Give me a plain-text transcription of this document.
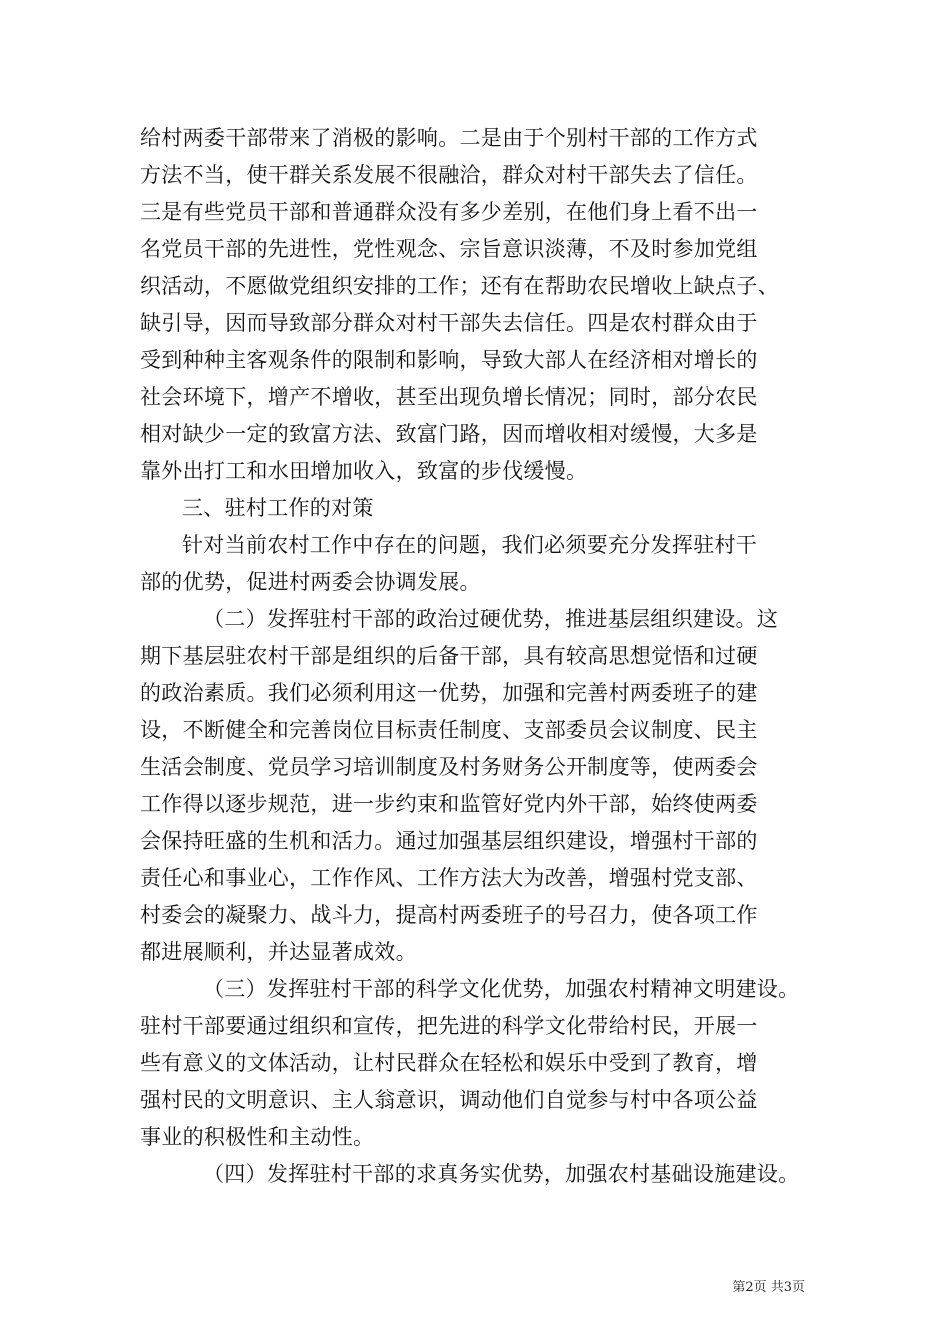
给村两委干部带来了消极的影响。二是由于个别村干部的工作方式
方法不当，使干群关系发展不很融洽，群众对村干部失去了信任。
三是有些党员干部和普通群众没有多少差别，在他们身上看不出一
名党员干部的先进性，党性观念、宗旨意识淡薄，不及时参加党组
织活动，不愿做党组织安排的工作；还有在帮助农民增收上缺点子、
缺引导，因而导致部分群众对村干部失去信任。四是农村群众由于
受到种种主客观条件的限制和影响，导致大部人在经济相对增长的
社会环境下，增产不增收，甚至出现负增长情况；同时，部分农民
相对缺少一定的致富方法、致富门路，因而增收相对缓慢，大多是
靠外出打工和水田增加收入，致富的步伐缓慢。
三、驻村工作的对策
针对当前农村工作中存在的问题，我们必须要充分发挥驻村干
部的优势，促进村两委会协调发展。
（二）发挥驻村干部的政治过硬优势，推进基层组织建设。这
期下基层驻农村干部是组织的后备干部，具有较高思想觉悟和过硬
的政治素质。我们必须利用这一优势，加强和完善村两委班子的建
设，不断健全和完善岗位目标责任制度、支部委员会议制度、民主
生活会制度、党员学习培训制度及村务财务公开制度等，使两委会
工作得以逐步规范，进一步约束和监管好党内外干部，始终使两委
会保持旺盛的生机和活力。通过加强基层组织建设，增强村干部的
责任心和事业心，工作作风、工作方法大为改善，增强村党支部、
村委会的凝聚力、战斗力，提高村两委班子的号召力，使各项工作
都进展顺利，并达显著成效。
（三）发挥驻村干部的科学文化优势，加强农村精神文明建设。
驻村干部要通过组织和宣传，把先进的科学文化带给村民，开展一
些有意义的文体活动，让村民群众在轻松和娱乐中受到了教育，增
强村民的文明意识、主人翁意识，调动他们自觉参与村中各项公益
事业的积极性和主动性。
（四）发挥驻村干部的求真务实优势，加强农村基础设施建设。
第2页 共3页
